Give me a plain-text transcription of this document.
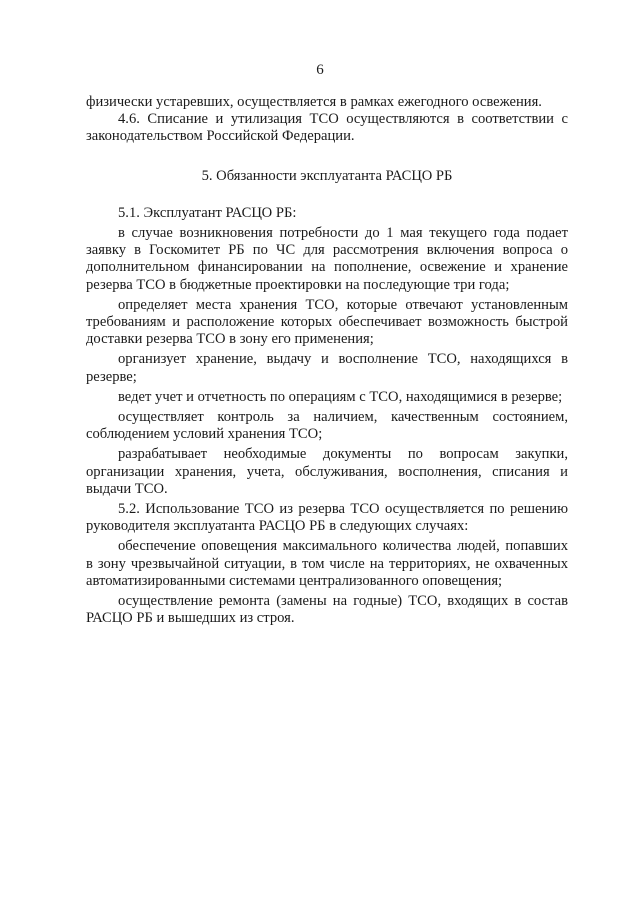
6

физически устаревших, осуществляется в рамках ежегодного освежения.

4.6. Списание и утилизация ТСО осуществляются в соответствии с законодательством Российской Федерации.

5. Обязанности эксплуатанта РАСЦО РБ

5.1. Эксплуатант РАСЦО РБ:

в случае возникновения потребности до 1 мая текущего года подает заявку в Госкомитет РБ по ЧС для рассмотрения включения вопроса о дополнительном финансировании на пополнение, освежение и хранение резерва ТСО в бюджетные проектировки на последующие три года;

определяет места хранения ТСО, которые отвечают установленным требованиям и расположение которых обеспечивает возможность быстрой доставки резерва ТСО в зону его применения;

организует хранение, выдачу и восполнение ТСО, находящихся в резерве;

ведет учет и отчетность по операциям с ТСО, находящимися в резерве;

осуществляет контроль за наличием, качественным состоянием, соблюдением условий хранения ТСО;

разрабатывает необходимые документы по вопросам закупки, организации хранения, учета, обслуживания, восполнения, списания и выдачи ТСО.

5.2. Использование ТСО из резерва ТСО осуществляется по решению руководителя эксплуатанта РАСЦО РБ в следующих случаях:

обеспечение оповещения максимального количества людей, попавших в зону чрезвычайной ситуации, в том числе на территориях, не охваченных автоматизированными системами централизованного оповещения;

осуществление ремонта (замены на годные) ТСО, входящих в состав РАСЦО РБ и вышедших из строя.
